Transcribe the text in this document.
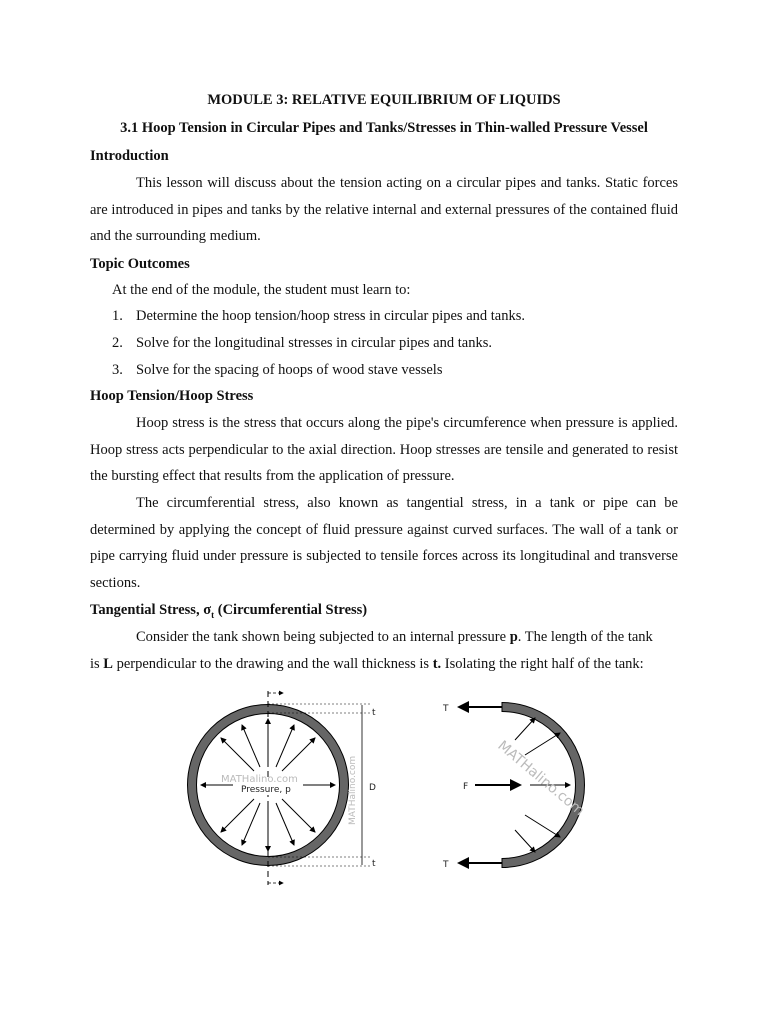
MODULE 3: RELATIVE EQUILIBRIUM OF LIQUIDS
3.1 Hoop Tension in Circular Pipes and Tanks/Stresses in Thin-walled Pressure Vessel
Introduction

This lesson will discuss about the tension acting on a circular pipes and tanks. Static forces are introduced in pipes and tanks by the relative internal and external pressures of the contained fluid and the surrounding medium.

Topic Outcomes
At the end of the module, the student must learn to:
1. Determine the hoop tension/hoop stress in circular pipes and tanks.
2. Solve for the longitudinal stresses in circular pipes and tanks.
3. Solve for the spacing of hoops of wood stave vessels
Hoop Tension/Hoop Stress

Hoop stress is the stress that occurs along the pipe's circumference when pressure is applied. Hoop stress acts perpendicular to the axial direction. Hoop stresses are tensile and generated to resist the bursting effect that results from the application of pressure.

The circumferential stress, also known as tangential stress, in a tank or pipe can be determined by applying the concept of fluid pressure against curved surfaces. The wall of a tank or pipe carrying fluid under pressure is subjected to tensile forces across its longitudinal and transverse sections.

Tangential Stress, $\sigma_t$ (Circumferential Stress)
Consider the tank shown being subjected to an internal pressure p. The length of the tank
is L perpendicular to the drawing and the wall thickness is t. Isolating the right half of the tank:
Pressure, p
MATHalino.com
t
D
t
MATHalino.com
T
T
F MATHalino.com
